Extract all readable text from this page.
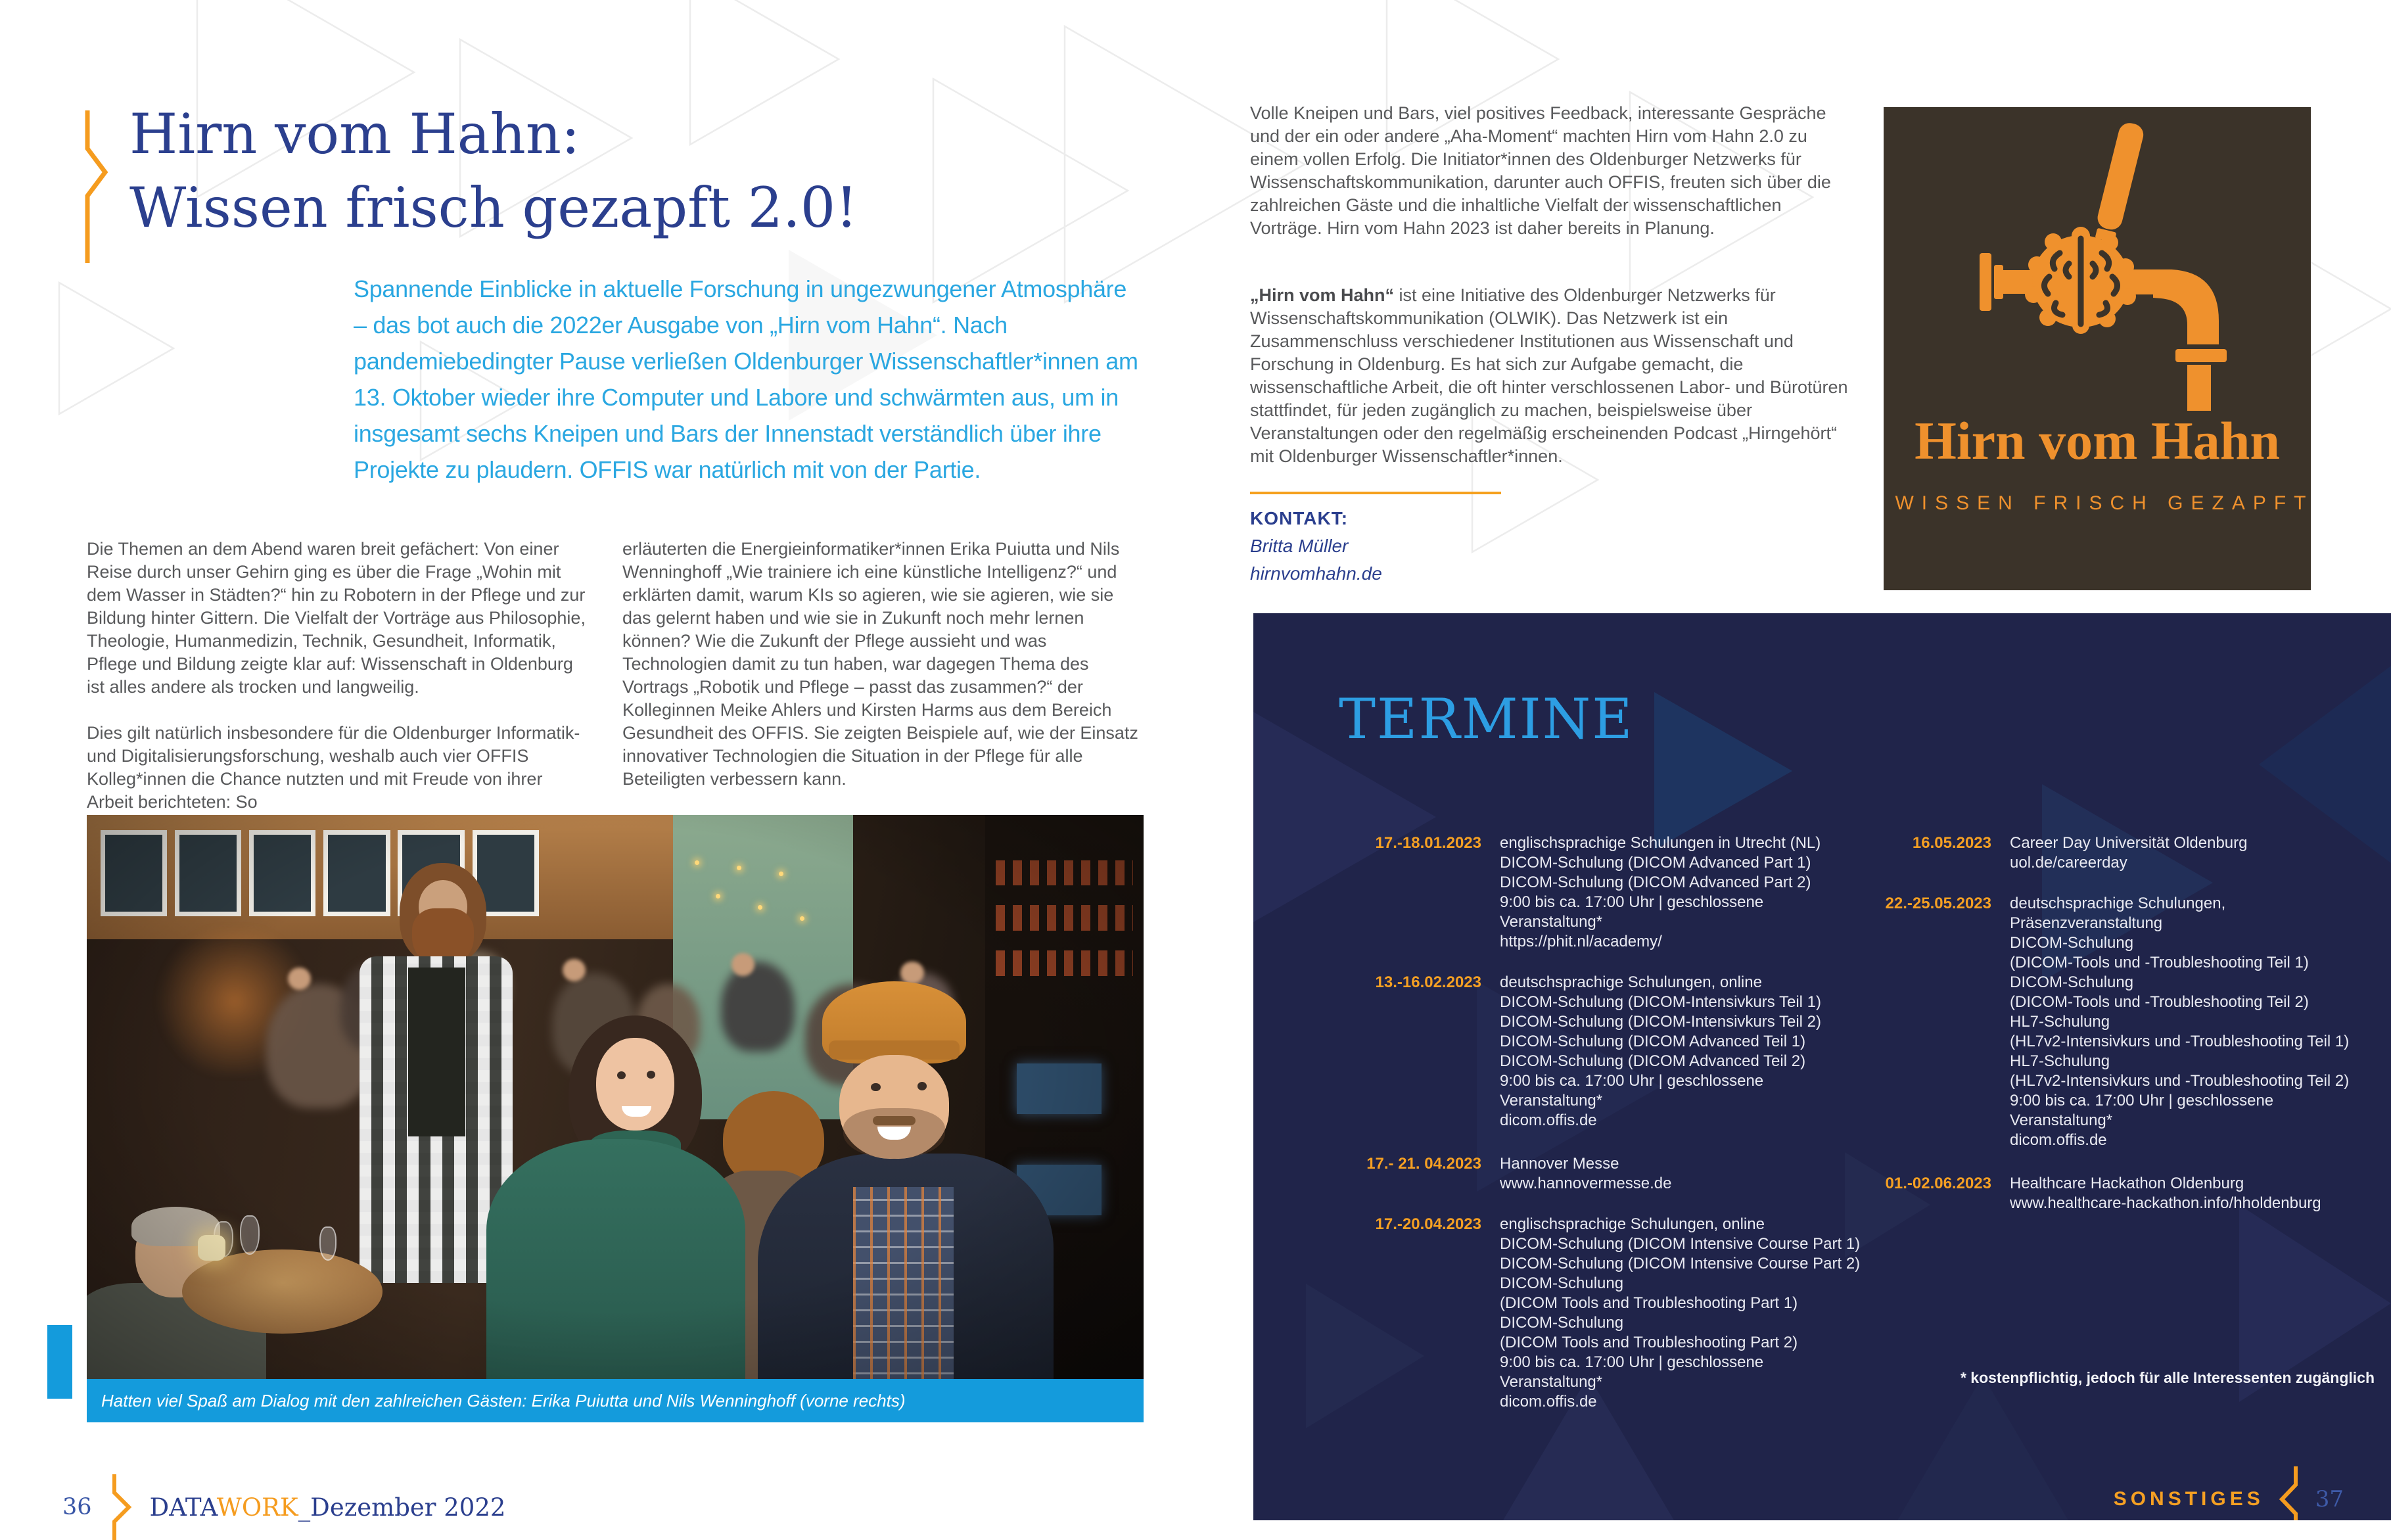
Hirn vom Hahn:
Wissen frisch gezapft 2.0!

Spannende Einblicke in aktuelle Forschung in ungezwungener Atmosphäre – das bot auch die 2022er Ausgabe von „Hirn vom Hahn“. Nach pandemiebedingter Pause verließen Oldenburger Wissenschaftler*innen am 13. Oktober wieder ihre Computer und Labore und schwärmten aus, um in insgesamt sechs Kneipen und Bars der Innenstadt verständlich über ihre Projekte zu plaudern. OFFIS war natürlich mit von der Partie.

Die Themen an dem Abend waren breit gefächert: Von einer Reise durch unser Gehirn ging es über die Frage „Wohin mit dem Wasser in Städten?“ hin zu Robotern in der Pflege und zur Bildung hinter Gittern. Die Vielfalt der Vorträge aus Philosophie, Theologie, Humanmedizin, Technik, Gesundheit, Informatik, Pflege und Bildung zeigte klar auf: Wissenschaft in Oldenburg ist alles andere als trocken und langweilig.
Dies gilt natürlich insbesondere für die Oldenburger Informatik- und Digitalisierungsforschung, weshalb auch vier OFFIS Kolleg*innen die Chance nutzten und mit Freude von ihrer Arbeit berichteten: So
erläuterten die Energieinformatiker*innen Erika Puiutta und Nils Wenninghoff „Wie trainiere ich eine künstliche Intelligenz?“ und erklärten damit, warum KIs so agieren, wie sie agieren, wie sie das gelernt haben und wie sie in Zukunft noch mehr lernen können? Wie die Zukunft der Pflege aussieht und was Technologien damit zu tun haben, war dagegen Thema des Vortrags „Robotik und Pflege – passt das zusammen?“ der Kolleginnen Meike Ahlers und Kirsten Harms aus dem Bereich Gesundheit des OFFIS. Sie zeigten Beispiele auf, wie der Einsatz innovativer Technologien die Situation in der Pflege für alle Beteiligten verbessern kann.
Hatten viel Spaß am Dialog mit den zahlreichen Gästen: Erika Puiutta und Nils Wenninghoff (vorne rechts)
36 DATAWORK_Dezember 2022
Volle Kneipen und Bars, viel positives Feedback, interessante Gespräche und der ein oder andere „Aha-Moment“ machten Hirn vom Hahn 2.0 zu einem vollen Erfolg. Die Initiator*innen des Oldenburger Netzwerks für Wissenschaftskommunikation, darunter auch OFFIS, freuten sich über die zahlreichen Gäste und die inhaltliche Vielfalt der wissenschaftlichen Vorträge. Hirn vom Hahn 2023 ist daher bereits in Planung.
„Hirn vom Hahn“ ist eine Initiative des Oldenburger Netzwerks für Wissenschaftskommunikation (OLWIK). Das Netzwerk ist ein Zusammenschluss verschiedener Institutionen aus Wissenschaft und Forschung in Oldenburg. Es hat sich zur Aufgabe gemacht, die wissenschaftliche Arbeit, die oft hinter verschlossenen Labor- und Bürotüren stattfindet, für jeden zugänglich zu machen, beispielsweise über Veranstaltungen oder den regelmäßig erscheinenden Podcast „Hirngehört“ mit Oldenburger Wissenschaftler*innen.
KONTAKT:
Britta Müller
hirnvomhahn.de
Hirn vom Hahn
WISSEN FRISCH GEZAPFT
TERMINE
17.-18.01.2023 englischsprachige Schulungen in Utrecht (NL)
DICOM-Schulung (DICOM Advanced Part 1)
DICOM-Schulung (DICOM Advanced Part 2)
9:00 bis ca. 17:00 Uhr | geschlossene
Veranstaltung*
https://phit.nl/academy/
13.-16.02.2023 deutschsprachige Schulungen, online
DICOM-Schulung (DICOM-Intensivkurs Teil 1)
DICOM-Schulung (DICOM-Intensivkurs Teil 2)
DICOM-Schulung (DICOM Advanced Teil 1)
DICOM-Schulung (DICOM Advanced Teil 2)
9:00 bis ca. 17:00 Uhr | geschlossene
Veranstaltung*
dicom.offis.de
17.- 21. 04.2023 Hannover Messe
www.hannovermesse.de
17.-20.04.2023 englischsprachige Schulungen, online
DICOM-Schulung (DICOM Intensive Course Part 1)
DICOM-Schulung (DICOM Intensive Course Part 2)
DICOM-Schulung
(DICOM Tools and Troubleshooting Part 1)
DICOM-Schulung
(DICOM Tools and Troubleshooting Part 2)
9:00 bis ca. 17:00 Uhr | geschlossene
Veranstaltung*
dicom.offis.de
16.05.2023 Career Day Universität Oldenburg
uol.de/careerday
22.-25.05.2023 deutschsprachige Schulungen,
Präsenzveranstaltung
DICOM-Schulung
(DICOM-Tools und -Troubleshooting Teil 1)
DICOM-Schulung
(DICOM-Tools und -Troubleshooting Teil 2)
HL7-Schulung
(HL7v2-Intensivkurs und -Troubleshooting Teil 1)
HL7-Schulung
(HL7v2-Intensivkurs und -Troubleshooting Teil 2)
9:00 bis ca. 17:00 Uhr | geschlossene
Veranstaltung*
dicom.offis.de
01.-02.06.2023 Healthcare Hackathon Oldenburg
www.healthcare-hackathon.info/hholdenburg
* kostenpflichtig, jedoch für alle Interessenten zugänglich
SONSTIGES 37
